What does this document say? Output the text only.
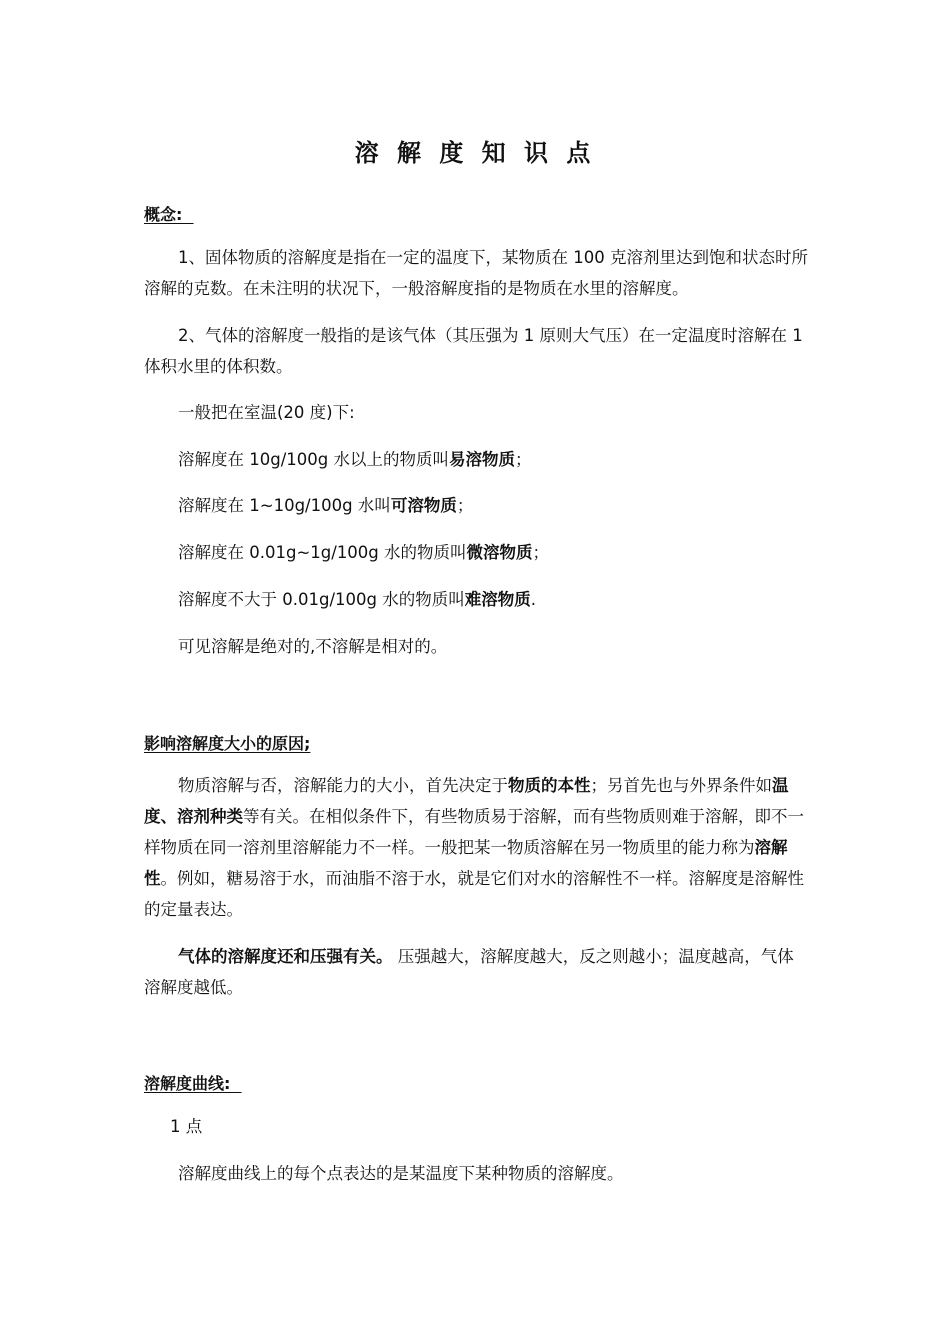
溶 解 度 知 识 点
概念:
1、固体物质的溶解度是指在一定的温度下，某物质在 100 克溶剂里达到饱和状态时所溶解的克数。在未注明的状况下，一般溶解度指的是物质在水里的溶解度。
2、气体的溶解度一般指的是该气体（其压强为 1 原则大气压）在一定温度时溶解在 1 体积水里的体积数。
一般把在室温(20 度)下:
溶解度在 10g/100g 水以上的物质叫易溶物质；
溶解度在 1~10g/100g 水叫可溶物质；
溶解度在 0.01g~1g/100g 水的物质叫微溶物质；
溶解度不大于 0.01g/100g 水的物质叫难溶物质.
可见溶解是绝对的,不溶解是相对的。
影响溶解度大小的原因;
物质溶解与否，溶解能力的大小，首先决定于物质的本性；另首先也与外界条件如温度、溶剂种类等有关。在相似条件下，有些物质易于溶解，而有些物质则难于溶解，即不一样物质在同一溶剂里溶解能力不一样。一般把某一物质溶解在另一物质里的能力称为溶解性。例如，糖易溶于水，而油脂不溶于水，就是它们对水的溶解性不一样。溶解度是溶解性的定量表达。
气体的溶解度还和压强有关。 压强越大，溶解度越大，反之则越小；温度越高，气体溶解度越低。
溶解度曲线:
1 点
溶解度曲线上的每个点表达的是某温度下某种物质的溶解度。
